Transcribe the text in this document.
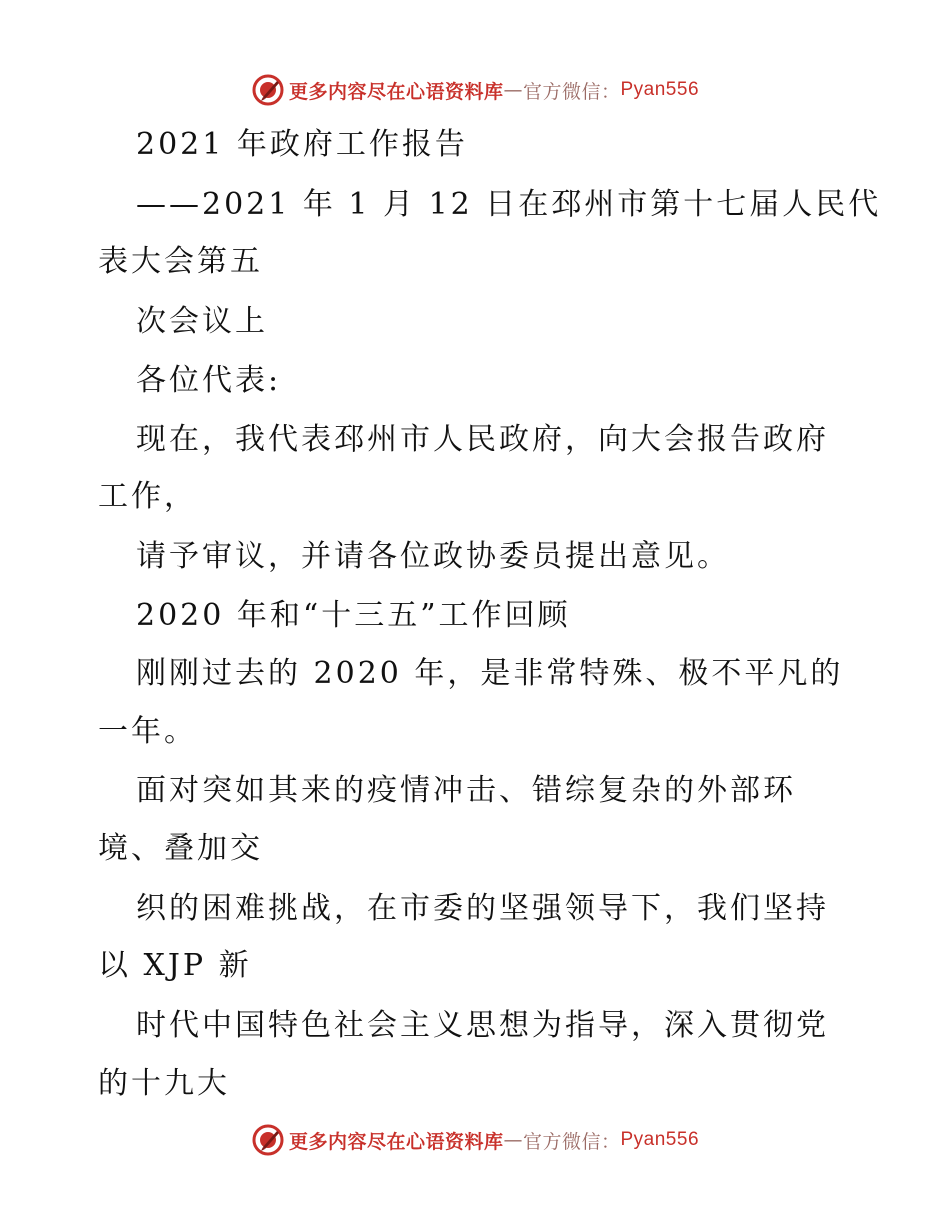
更多内容尽在心语资料库 — 官方微信： Pyan556
2021 年政府工作报告
——2021 年 1 月 12 日在邳州市第十七届人民代
表大会第五
次会议上
各位代表:
现在，我代表邳州市人民政府，向大会报告政府
工作，
请予审议，并请各位政协委员提出意见。
2020 年和“十三五”工作回顾
刚刚过去的 2020 年，是非常特殊、极不平凡的
一年。
面对突如其来的疫情冲击、错综复杂的外部环
境、叠加交
织的困难挑战，在市委的坚强领导下，我们坚持
以 XJP 新
时代中国特色社会主义思想为指导，深入贯彻党
的十九大
更多内容尽在心语资料库 — 官方微信： Pyan556
